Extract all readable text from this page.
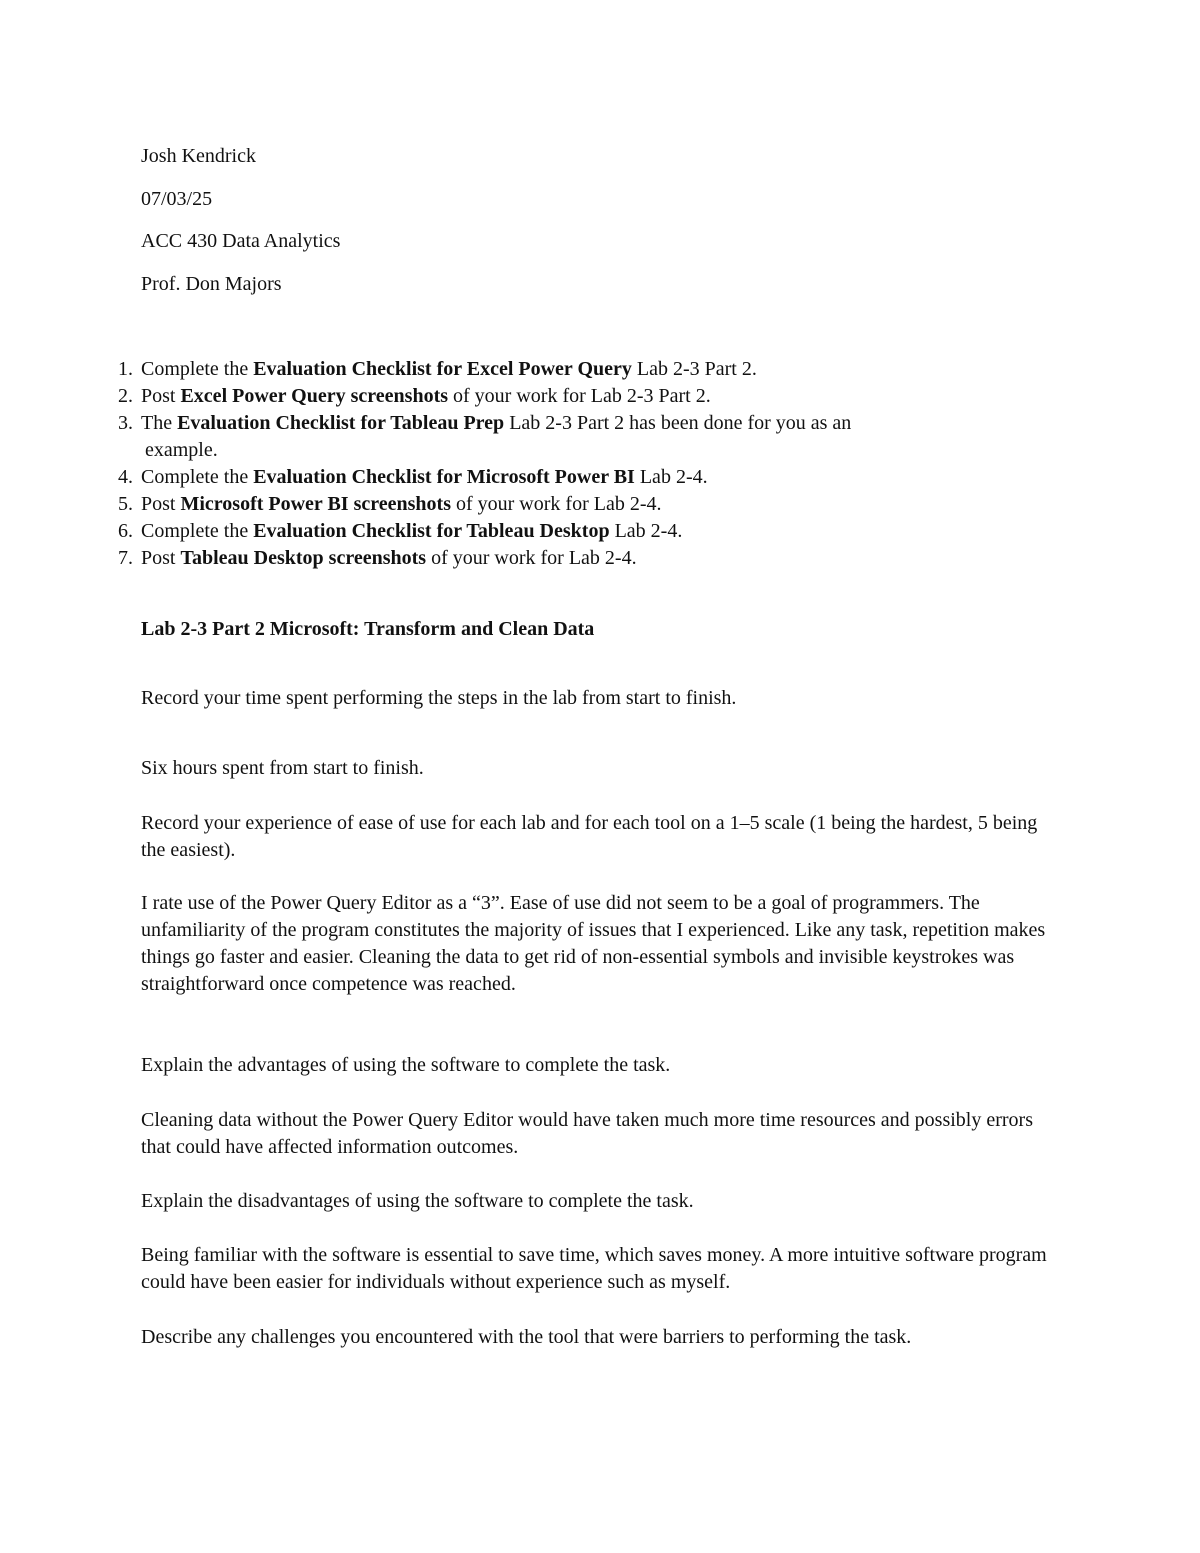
Josh Kendrick
07/03/25
ACC 430 Data Analytics
Prof. Don Majors
1. Complete the Evaluation Checklist for Excel Power Query Lab 2-3 Part 2.
2. Post Excel Power Query screenshots of your work for Lab 2-3 Part 2.
3. The Evaluation Checklist for Tableau Prep Lab 2-3 Part 2 has been done for you as an
example.
4. Complete the Evaluation Checklist for Microsoft Power BI Lab 2-4.
5. Post Microsoft Power BI screenshots of your work for Lab 2-4.
6. Complete the Evaluation Checklist for Tableau Desktop Lab 2-4.
7. Post Tableau Desktop screenshots of your work for Lab 2-4.
Lab 2-3 Part 2 Microsoft: Transform and Clean Data

Record your time spent performing the steps in the lab from start to finish.

Six hours spent from start to finish.

Record your experience of ease of use for each lab and for each tool on a 1–5 scale (1 being the hardest, 5 being the easiest).

I rate use of the Power Query Editor as a “3”. Ease of use did not seem to be a goal of programmers. The unfamiliarity of the program constitutes the majority of issues that I experienced. Like any task, repetition makes things go faster and easier. Cleaning the data to get rid of non-essential symbols and invisible keystrokes was straightforward once competence was reached.

Explain the advantages of using the software to complete the task.

Cleaning data without the Power Query Editor would have taken much more time resources and possibly errors that could have affected information outcomes.

Explain the disadvantages of using the software to complete the task.

Being familiar with the software is essential to save time, which saves money. A more intuitive software program could have been easier for individuals without experience such as myself.

Describe any challenges you encountered with the tool that were barriers to performing the task.
